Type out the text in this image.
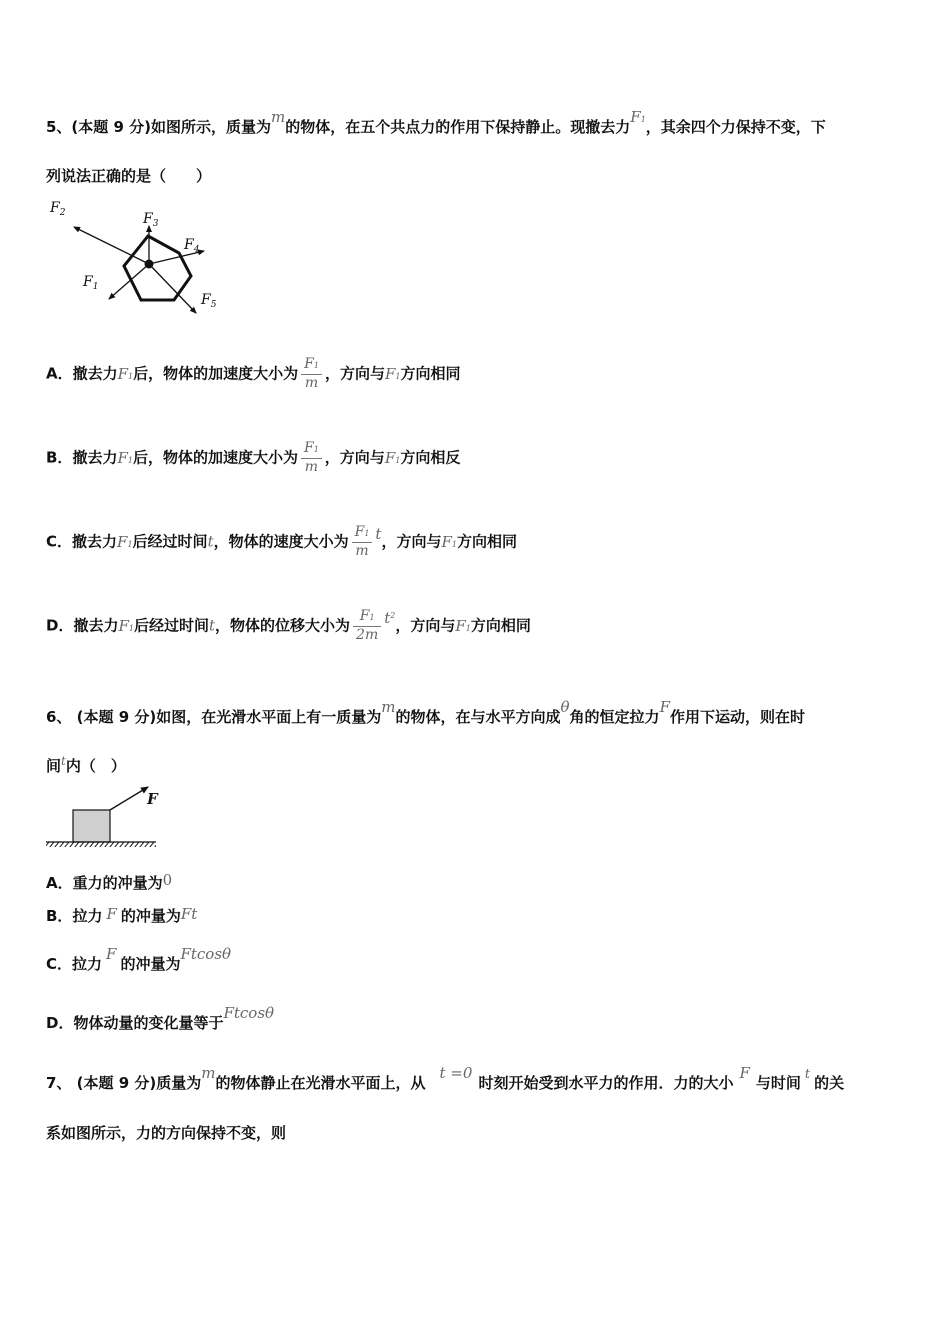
5、(本题 9 分)如图所示，质量为m的物体，在五个共点力的作用下保持静止。现撤去力F1，其余四个力保持不变，下
列说法正确的是（　　）
$F_2$	$F_3$
$F_4$
$F_1$
$F_5$
A．撤去力F1后，物体的加速度大小为 $\frac{F1}{m}$ ，方向与F1方向相同
B．撤去力F1后，物体的加速度大小为 $\frac{F1}{m}$ ，方向与F1方向相反
C．撤去力F1后经过时间t，物体的速度大小为 $\frac{F1}{m}$ t，方向与F1方向相同
D．撤去力F1后经过时间t，物体的位移大小为 $\frac{F1}{2m} t^2$，方向与F1方向相同
6、 (本题 9 分)如图，在光滑水平面上有一质量为m的物体，在与水平方向成θ角的恒定拉力F作用下运动，则在时
间$^t$内（　）
F
A．重力的冲量为0
B．拉力 F 的冲量为Ft
C．拉力F的冲量为Ftcosθ
D．物体动量的变化量等于Ftcosθ
7、 (本题 9 分)质量为m的物体静止在光滑水平面上，从t =0时刻开始受到水平力的作用．力的大小F与时间 t 的关
系如图所示，力的方向保持不变，则
